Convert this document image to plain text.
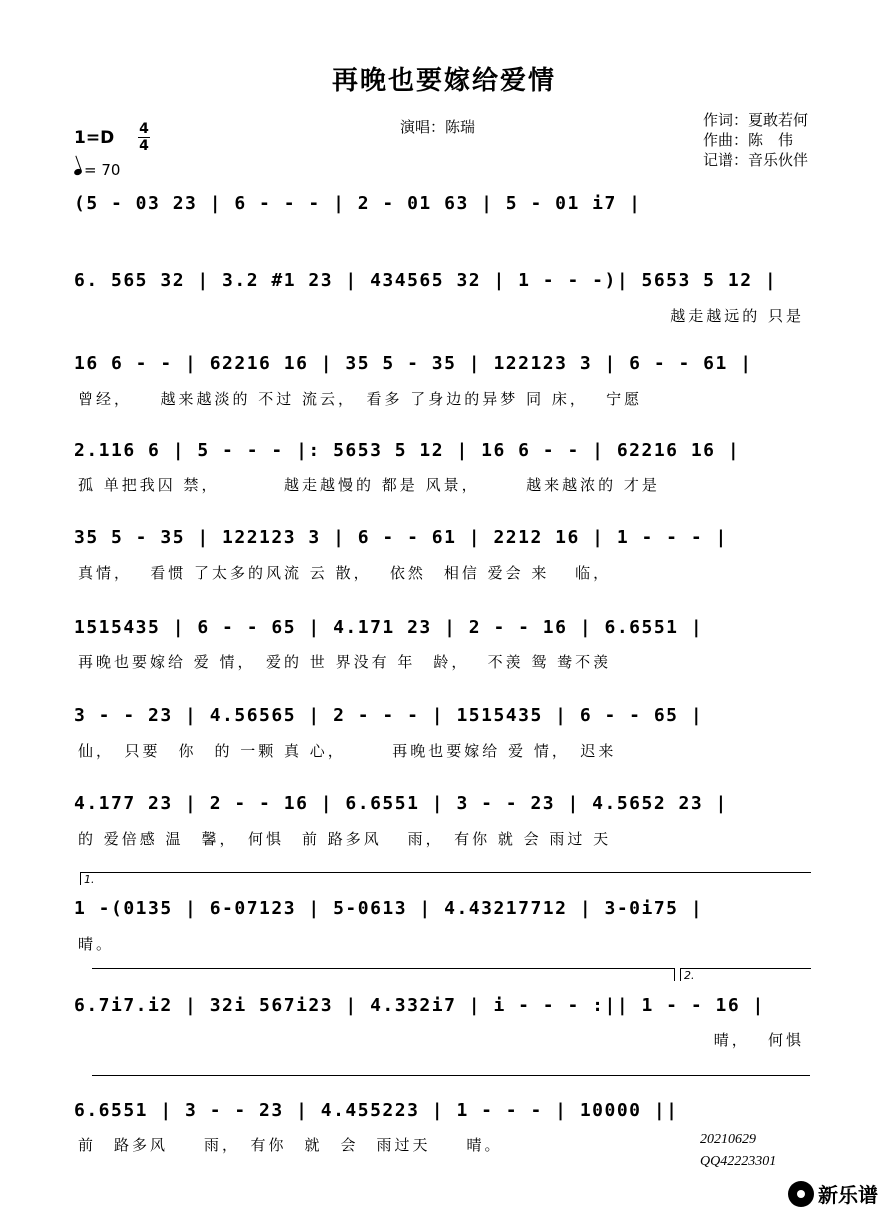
再晚也要嫁给爱情
1=D 4
4
= 70
演唱：陈瑞	作词：夏敢若何
作曲：陈　伟
记谱：音乐伙伴
(5 - 03 23 | 6 - - - | 2 - 01 63 | 5 - 01 i7 |
6. 565 32 | 3.2 #1 23 | 434565 32 | 1 - - -)| 5653 5 12 |
越走越远的 只是
16 6 - - | 62216 16 | 35 5 - 35 | 122123 3 | 6 - - 61 |
曾经，　　越来越淡的 不过 流云，　看多 了身边的异梦 同 床，　 宁愿
2.116 6 | 5 - - - |: 5653 5 12 | 16 6 - - | 62216 16 |
孤 单把我囚 禁，　　　　越走越慢的 都是 风景，　　　越来越浓的 才是
35 5 - 35 | 122123 3 | 6 - - 61 | 2212 16 | 1 - - - |
真情，　 看惯 了太多的风流 云 散，　 依然　相信 爱会 来　 临，
1515435 | 6 - - 65 | 4.171 23 | 2 - - 16 | 6.6551 |
再晚也要嫁给 爱 情，　爱的 世 界没有 年　龄，　 不羡 鸳 鸯不羡
3 - - 23 | 4.56565 | 2 - - - | 1515435 | 6 - - 65 |
仙，　只要　你　的 一颗 真 心，　　　再晚也要嫁给 爱 情，　迟来
4.177 23 | 2 - - 16 | 6.6551 | 3 - - 23 | 4.5652 23 |
的 爱倍感 温　馨，　何惧　前 路多风　 雨，　有你 就 会 雨过 天
1.
1 -(0135 | 6-07123 | 5-0613 | 4.43217712 | 3-0i75 |
晴。
2.
6.7i7.i2 | 32i 567i23 | 4.332i7 | i - - - :|| 1 - - 16 |
晴，　 何惧
6.6551 | 3 - - 23 | 4.455223 | 1 - - - | 10000 ||
前　路多风　　雨，　有你　就　会　雨过天　　晴。	20210629
QQ42223301
新乐谱
